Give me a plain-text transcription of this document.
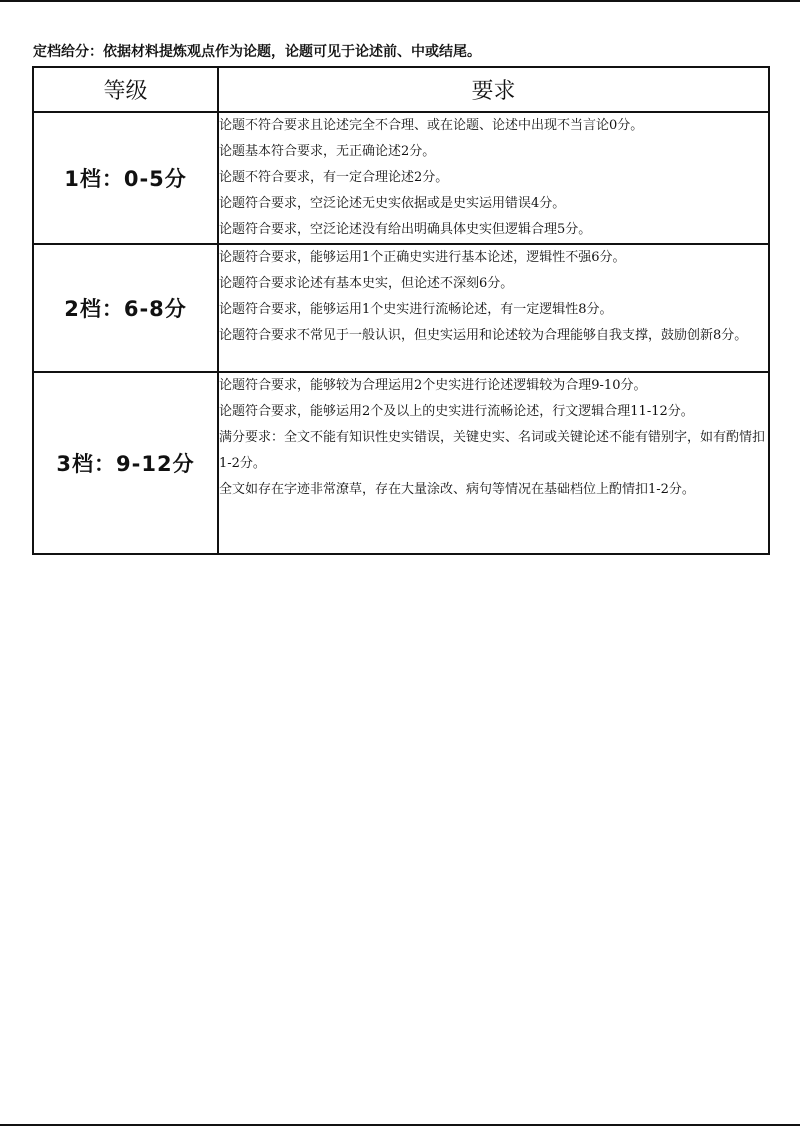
定档给分：依据材料提炼观点作为论题，论题可见于论述前、中或结尾。
等级	要求
1档：0-5分	论题不符合要求且论述完全不合理、或在论题、论述中出现不当言论0分。

论题基本符合要求，无正确论述2分。

论题不符合要求，有一定合理论述2分。

论题符合要求，空泛论述无史实依据或是史实运用错误4分。

论题符合要求，空泛论述没有给出明确具体史实但逻辑合理5分。

2档：6-8分	论题符合要求，能够运用1个正确史实进行基本论述，逻辑性不强6分。

论题符合要求论述有基本史实，但论述不深刻6分。

论题符合要求，能够运用1个史实进行流畅论述，有一定逻辑性8分。

论题符合要求不常见于一般认识，但史实运用和论述较为合理能够自我支撑，鼓励创新8分。

3档：9-12分	论题符合要求，能够较为合理运用2个史实进行论述逻辑较为合理9-10分。

论题符合要求，能够运用2个及以上的史实进行流畅论述，行文逻辑合理11-12分。

满分要求：全文不能有知识性史实错误，关键史实、名词或关键论述不能有错别字，如有酌情扣1-2分。

全文如存在字迹非常潦草，存在大量涂改、病句等情况在基础档位上酌情扣1-2分。
